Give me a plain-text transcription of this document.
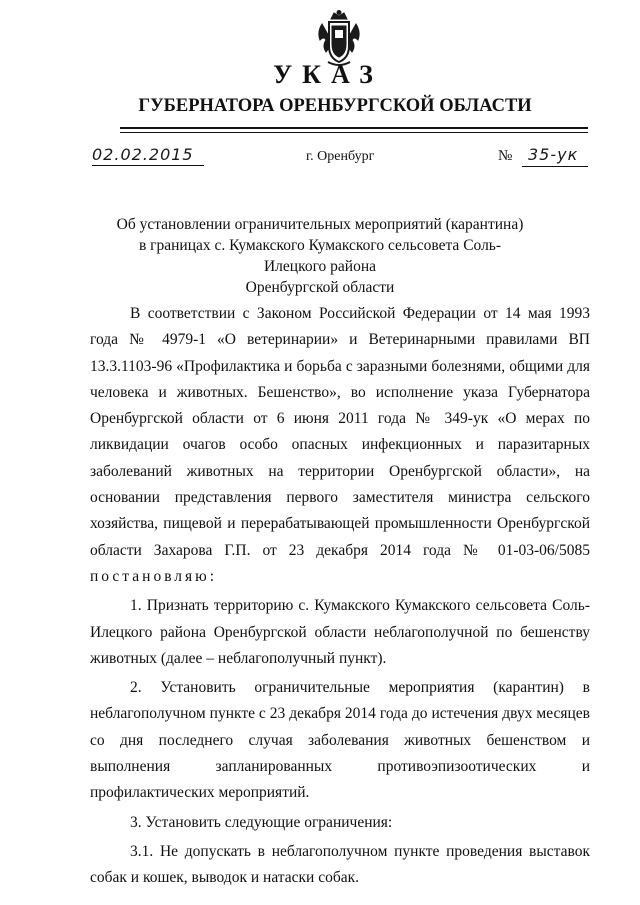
УКАЗ
ГУБЕРНАТОРА ОРЕНБУРГСКОЙ ОБЛАСТИ
02.02.2015	г. Оренбург	№ 35-ук
Об установлении ограничительных мероприятий (карантина)
в границах с. Кумакского Кумакского сельсовета Соль-Илецкого района
Оренбургской области

В соответствии с Законом Российской Федерации от 14 мая 1993 года № 4979-1 «О ветеринарии» и Ветеринарными правилами ВП 13.3.1103-96 «Профилактика и борьба с заразными болезнями, общими для человека и животных. Бешенство», во исполнение указа Губернатора Оренбургской области от 6 июня 2011 года № 349-ук «О мерах по ликвидации очагов особо опасных инфекционных и паразитарных заболеваний животных на территории Оренбургской области», на основании представления первого заместителя министра сельского хозяйства, пищевой и перерабатывающей промышленности Оренбургской области Захарова Г.П. от 23 декабря 2014 года № 01-03-06/5085 постановляю:

1. Признать территорию с. Кумакского Кумакского сельсовета Соль-Илецкого района Оренбургской области неблагополучной по бешенству животных (далее – неблагополучный пункт).

2. Установить ограничительные мероприятия (карантин) в неблагополучном пункте с 23 декабря 2014 года до истечения двух месяцев со дня последнего случая заболевания животных бешенством и выполнения запланированных противоэпизоотических и профилактических мероприятий.

3. Установить следующие ограничения:

3.1. Не допускать в неблагополучном пункте проведения выставок собак и кошек, выводок и натаски собак.
